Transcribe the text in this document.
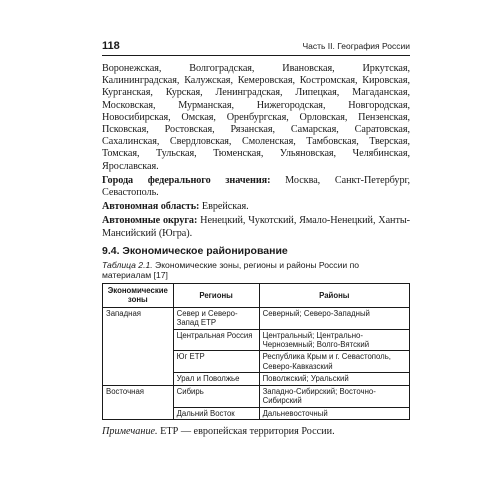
118	Часть II. География России

Воронежская, Волгоградская, Ивановская, Иркутская, Калининградская, Калужская, Кемеровская, Костромская, Кировская, Курганская, Курская, Ленинградская, Липецкая, Магаданская, Московская, Мурманская, Нижегородская, Новгородская, Новосибирская, Омская, Оренбургская, Орловская, Пензенская, Псковская, Ростовская, Рязанская, Самарская, Саратовская, Сахалинская, Свердловская, Смоленская, Тамбовская, Тверская, Томская, Тульская, Тюменская, Ульяновская, Челябинская, Ярославская.

Города федерального значения: Москва, Санкт-Петербург, Севастополь.

Автономная область: Еврейская.

Автономные округа: Ненецкий, Чукотский, Ямало-Ненецкий, Ханты-Мансийский (Югра).

9.4. Экономическое районирование

Таблица 2.1. Экономические зоны, регионы и районы России по материалам [17]

Экономические зоны	Регионы	Районы
Западная	Север и Северо-Запад ЕТР	Северный; Северо-Западный
	Центральная Россия	Центральный; Центрально-Черноземный; Волго-Вятский
	Юг ЕТР	Республика Крым и г. Севастополь, Северо-Кавказский
	Урал и Поволжье	Поволжский; Уральский
Восточная	Сибирь	Западно-Сибирский; Восточно-Сибирский
	Дальний Восток	Дальневосточный

Примечание. ЕТР — европейская территория России.
